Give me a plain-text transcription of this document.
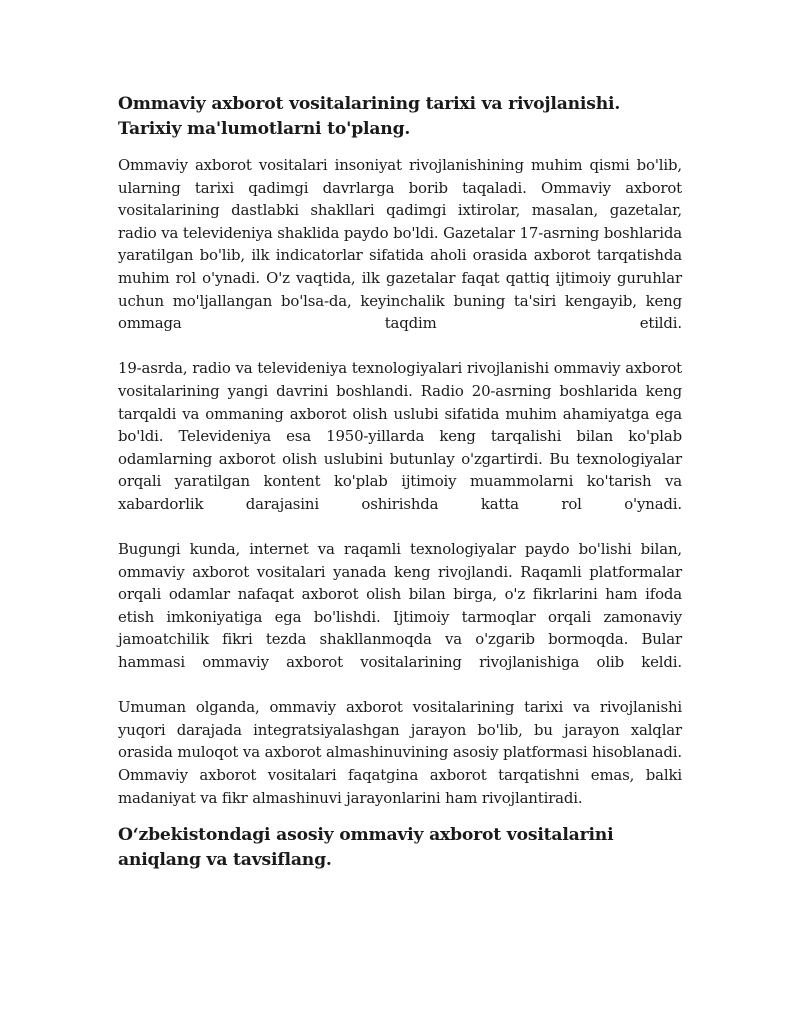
Ommaviy axborot vositalarining tarixi va rivojlanishi. Tarixiy ma'lumotlarni to'plang.

Ommaviy axborot vositalari insoniyat rivojlanishining muhim qismi bo'lib, ularning tarixi qadimgi davrlarga borib taqaladi. Ommaviy axborot vositalarining dastlabki shakllari qadimgi ixtirolar, masalan, gazetalar, radio va televideniya shaklida paydo bo'ldi. Gazetalar 17-asrning boshlarida yaratilgan bo'lib, ilk indicatorlar sifatida aholi orasida axborot tarqatishda muhim rol o'ynadi. O'z vaqtida, ilk gazetalar faqat qattiq ijtimoiy guruhlar uchun mo'ljallangan bo'lsa-da, keyinchalik buning ta'siri kengayib, keng ommaga taqdim etildi.

19-asrda, radio va televideniya texnologiyalari rivojlanishi ommaviy axborot vositalarining yangi davrini boshlandi. Radio 20-asrning boshlarida keng tarqaldi va ommaning axborot olish uslubi sifatida muhim ahamiyatga ega bo'ldi. Televideniya esa 1950-yillarda keng tarqalishi bilan ko'plab odamlarning axborot olish uslubini butunlay o'zgartirdi. Bu texnologiyalar orqali yaratilgan kontent ko'plab ijtimoiy muammolarni ko'tarish va xabardorlik darajasini oshirishda katta rol o'ynadi.

Bugungi kunda, internet va raqamli texnologiyalar paydo bo'lishi bilan, ommaviy axborot vositalari yanada keng rivojlandi. Raqamli platformalar orqali odamlar nafaqat axborot olish bilan birga, o'z fikrlarini ham ifoda etish imkoniyatiga ega bo'lishdi. Ijtimoiy tarmoqlar orqali zamonaviy jamoatchilik fikri tezda shakllanmoqda va o'zgarib bormoqda. Bular hammasi ommaviy axborot vositalarining rivojlanishiga olib keldi.

Umuman olganda, ommaviy axborot vositalarining tarixi va rivojlanishi yuqori darajada integratsiyalashgan jarayon bo'lib, bu jarayon xalqlar orasida muloqot va axborot almashinuvining asosiy platformasi hisoblanadi. Ommaviy axborot vositalari faqatgina axborot tarqatishni emas, balki madaniyat va fikr almashinuvi jarayonlarini ham rivojlantiradi.

O‘zbekistondagi asosiy ommaviy axborot vositalarini aniqlang va tavsiflang.
